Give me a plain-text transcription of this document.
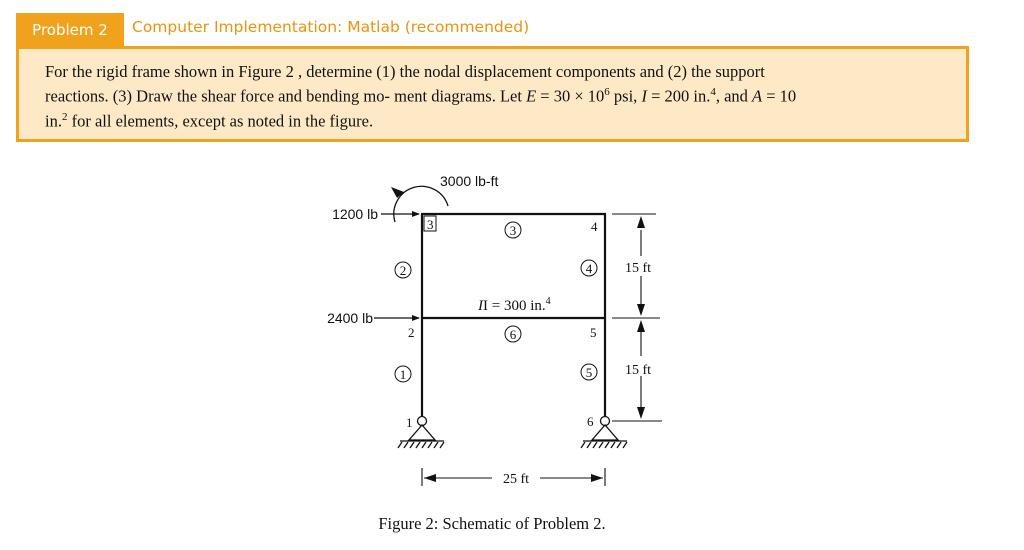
Problem 2	Computer Implementation: Matlab (recommended)
For the rigid frame shown in Figure 2 , determine (1) the nodal displacement components and (2) the support
reactions. (3) Draw the shear force and bending mo- ment diagrams. Let $E = 30 \times 10^6$ psi, I = 200 in.$^4$, and A = 10
in.$^2$ for all elements, except as noted in the figure.
3000 lb-ft
1200 lb
2400 lb
1
2
3	4
5
6
1
2
3
4
5
6
II = 300 in.$^4$
15 ft
15 ft
25 ft
Figure 2: Schematic of Problem 2.
